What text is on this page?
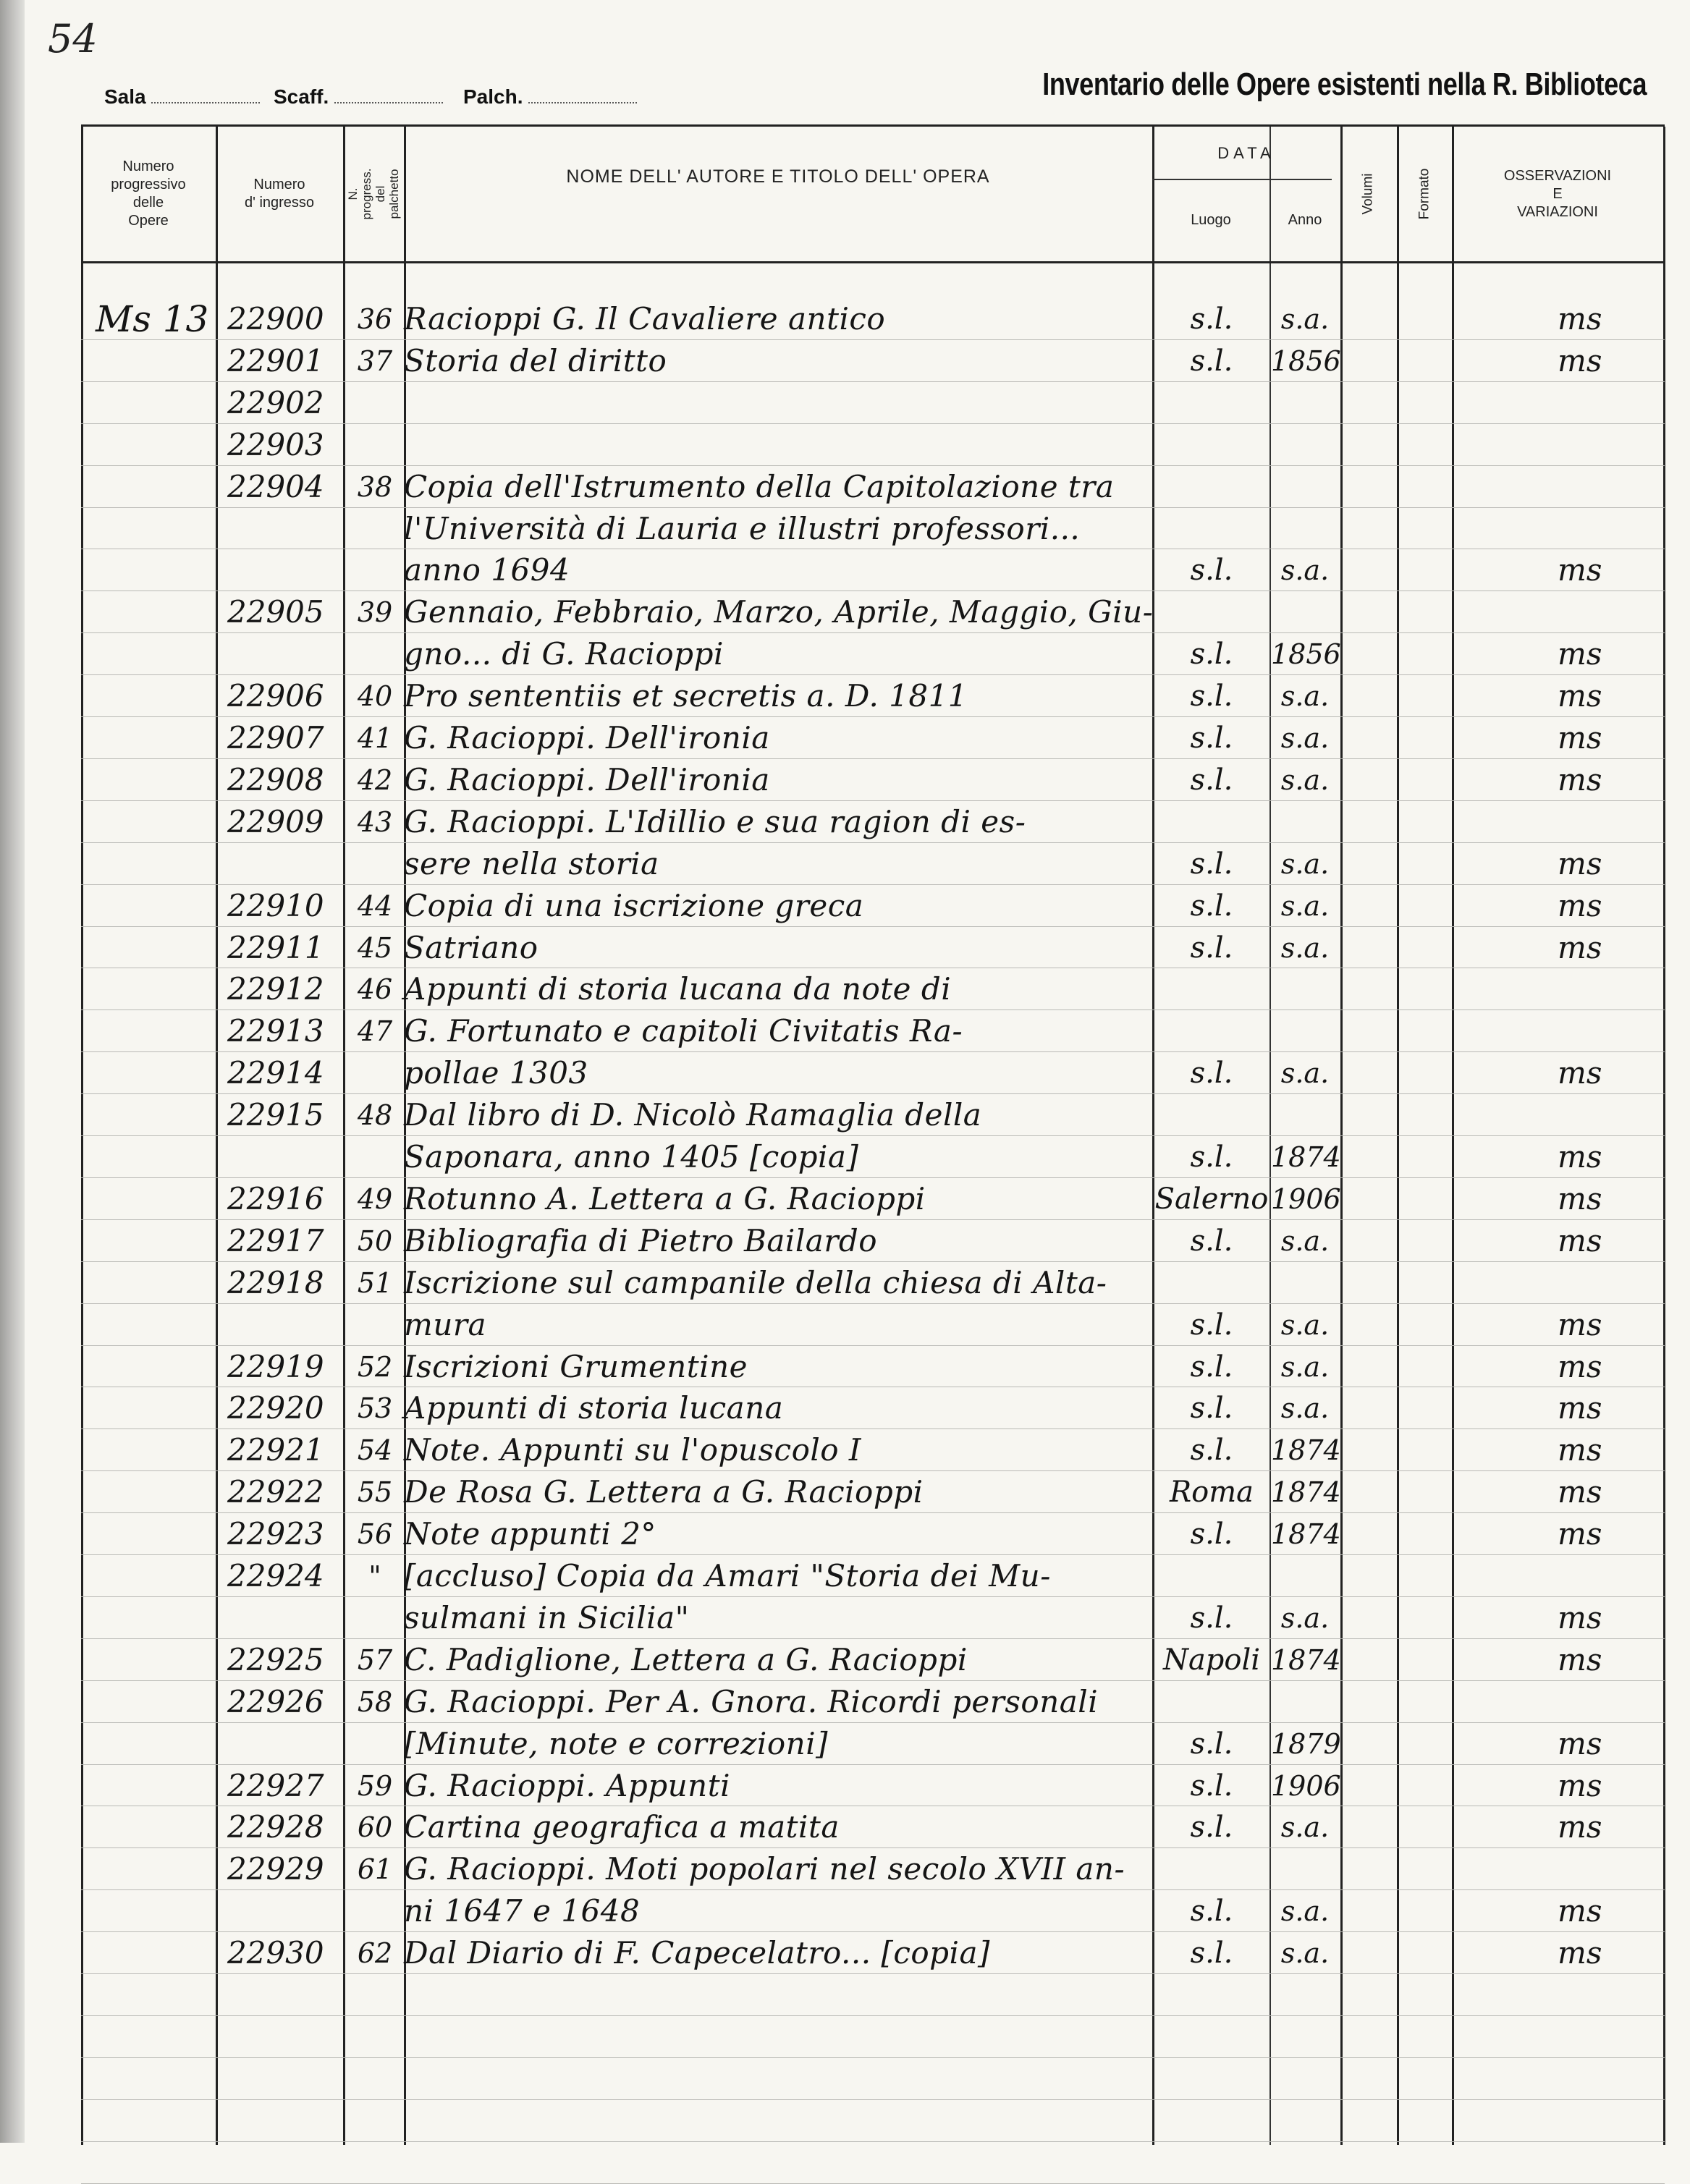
54
Sala	Scaff.	Palch.	Inventario delle Opere esistenti nella R. Biblioteca
Numero
progressivo
delle
Opere
Numero
d' ingresso
N. progress.
del palchetto	NOME DELL' AUTORE E TITOLO DELL' OPERA
DATA
Luogo	Anno
Volumi	Formato	OSSERVAZIONI
E
VARIAZIONI
Ms 13 22900	36 Racioppi G. Il Cavaliere antico	s.l.	s.a.	ms
22901	37 Storia del diritto	s.l.	1856	ms
22902
22903
22904	38 Copia dell'Istrumento della Capitolazione tra
l'Università di Lauria e illustri professori...
anno 1694	s.l.	s.a.	ms
22905	39 Gennaio, Febbraio, Marzo, Aprile, Maggio, Giu-
gno... di G. Racioppi	s.l.	1856	ms
22906	40 Pro sententiis et secretis a. D. 1811	s.l.	s.a.	ms
22907	41 G. Racioppi. Dell'ironia	s.l.	s.a.	ms
22908	42 G. Racioppi. Dell'ironia	s.l.	s.a.	ms
22909	43 G. Racioppi. L'Idillio e sua ragion di es-
sere nella storia	s.l.	s.a.	ms
22910	44 Copia di una iscrizione greca	s.l.	s.a.	ms
22911	45 Satriano	s.l.	s.a.	ms
22912	46 Appunti di storia lucana da note di
22913	47 G. Fortunato e capitoli Civitatis Ra-
22914	pollae 1303	s.l.	s.a.	ms
22915	48 Dal libro di D. Nicolò Ramaglia della
Saponara, anno 1405 [copia]	s.l.	1874	ms
22916	49 Rotunno A. Lettera a G. Racioppi	Salerno 1906	ms
22917	50 Bibliografia di Pietro Bailardo	s.l.	s.a.	ms
22918	51 Iscrizione sul campanile della chiesa di Alta-
mura	s.l.	s.a.	ms
22919	52 Iscrizioni Grumentine	s.l.	s.a.	ms
22920	53 Appunti di storia lucana	s.l.	s.a.	ms
22921	54 Note. Appunti su l'opuscolo I	s.l.	1874	ms
22922	55 De Rosa G. Lettera a G. Racioppi	Roma 1874	ms
22923	56 Note appunti 2°	s.l.	1874	ms
22924	" [accluso] Copia da Amari "Storia dei Mu-
sulmani in Sicilia"	s.l.	s.a.	ms
22925	57 C. Padiglione, Lettera a G. Racioppi	Napoli 1874	ms
22926	58 G. Racioppi. Per A. Gnora. Ricordi personali
[Minute, note e correzioni]	s.l.	1879	ms
22927	59 G. Racioppi. Appunti	s.l.	1906	ms
22928	60 Cartina geografica a matita	s.l.	s.a.	ms
22929	61 G. Racioppi. Moti popolari nel secolo XVII an-
ni 1647 e 1648	s.l.	s.a.	ms
22930	62 Dal Diario di F. Capecelatro... [copia]	s.l.	s.a.	ms
